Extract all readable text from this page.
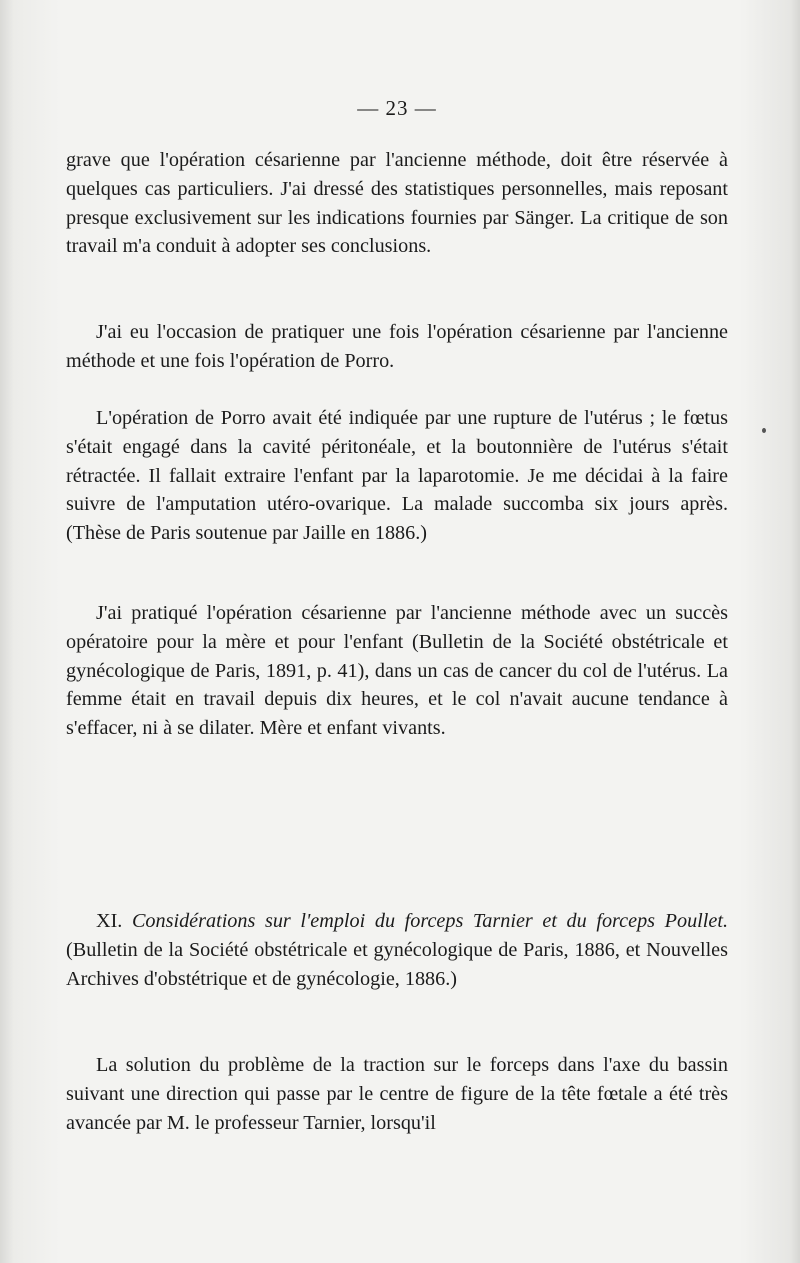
— 23 —

grave que l'opération césarienne par l'ancienne méthode, doit être réservée à quelques cas particuliers. J'ai dressé des statistiques personnelles, mais reposant presque exclusivement sur les indications fournies par Sänger. La critique de son travail m'a conduit à adopter ses conclusions.

J'ai eu l'occasion de pratiquer une fois l'opération césarienne par l'ancienne méthode et une fois l'opération de Porro.

L'opération de Porro avait été indiquée par une rupture de l'utérus ; le fœtus s'était engagé dans la cavité péritonéale, et la boutonnière de l'utérus s'était rétractée. Il fallait extraire l'enfant par la laparotomie. Je me décidai à la faire suivre de l'amputation utéro-ovarique. La malade succomba six jours après. (Thèse de Paris soutenue par Jaille en 1886.)

J'ai pratiqué l'opération césarienne par l'ancienne méthode avec un succès opératoire pour la mère et pour l'enfant (Bulletin de la Société obstétricale et gynécologique de Paris, 1891, p. 41), dans un cas de cancer du col de l'utérus. La femme était en travail depuis dix heures, et le col n'avait aucune tendance à s'effacer, ni à se dilater. Mère et enfant vivants.

XI. Considérations sur l'emploi du forceps Tarnier et du forceps Poullet. (Bulletin de la Société obstétricale et gynécologique de Paris, 1886, et Nouvelles Archives d'obstétrique et de gynécologie, 1886.)

La solution du problème de la traction sur le forceps dans l'axe du bassin suivant une direction qui passe par le centre de figure de la tête fœtale a été très avancée par M. le professeur Tarnier, lorsqu'il
